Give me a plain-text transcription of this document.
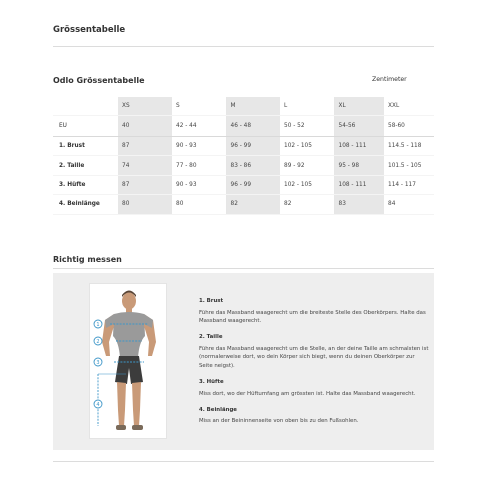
Grössentabelle
Odlo Grössentabelle	Zentimeter
	XS	S	M	L	XL	XXL
EU	40	42 - 44	46 - 48	50 - 52	54-56	58-60
1. Brust	87	90 - 93	96 - 99	102 - 105	108 - 111	114.5 - 118
2. Taille	74	77 - 80	83 - 86	89 - 92	95 - 98	101.5 - 105
3. Hüfte	87	90 - 93	96 - 99	102 - 105	108 - 111	114 - 117
4. Beinlänge	80	80	82	82	83	84
Richtig messen
1
2
3
4
1. Brust
Führe das Massband waagerecht um die breiteste Stelle des Oberkörpers. Halte das Massband waagerecht.
2. Taille
Führe das Massband waagerecht um die Stelle, an der deine Taille am schmalsten ist (normalerweise dort, wo dein Körper sich biegt, wenn du deinen Oberkörper zur Seite neigst).
3. Hüfte
Miss dort, wo der Hüftumfang am grössten ist. Halte das Massband waagerecht.
4. Beinlänge
Miss an der Beininnenseite von oben bis zu den Fußsohlen.
